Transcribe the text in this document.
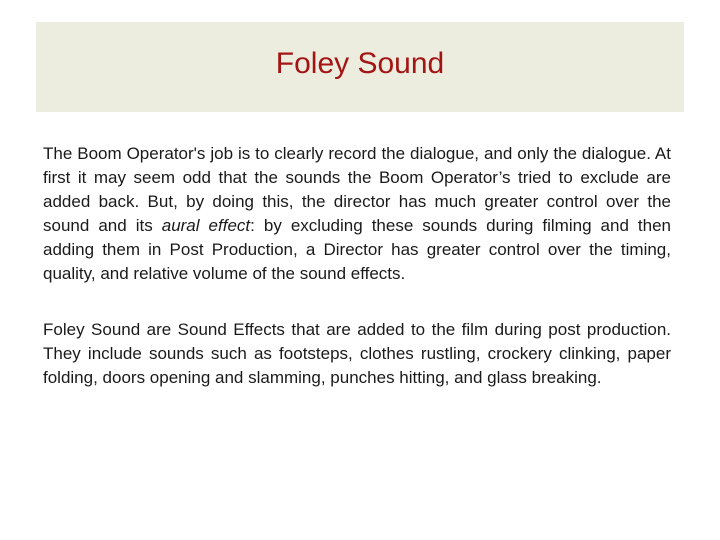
Foley Sound

The Boom Operator's job is to clearly record the dialogue, and only the dialogue. At first it may seem odd that the sounds the Boom Operator’s tried to exclude are added back. But, by doing this, the director has much greater control over the sound and its aural effect: by excluding these sounds during filming and then adding them in Post Production, a Director has greater control over the timing, quality, and relative volume of the sound effects.

Foley Sound are Sound Effects that are added to the film during post production. They include sounds such as footsteps, clothes rustling, crockery clinking, paper folding, doors opening and slamming, punches hitting, and glass breaking.
